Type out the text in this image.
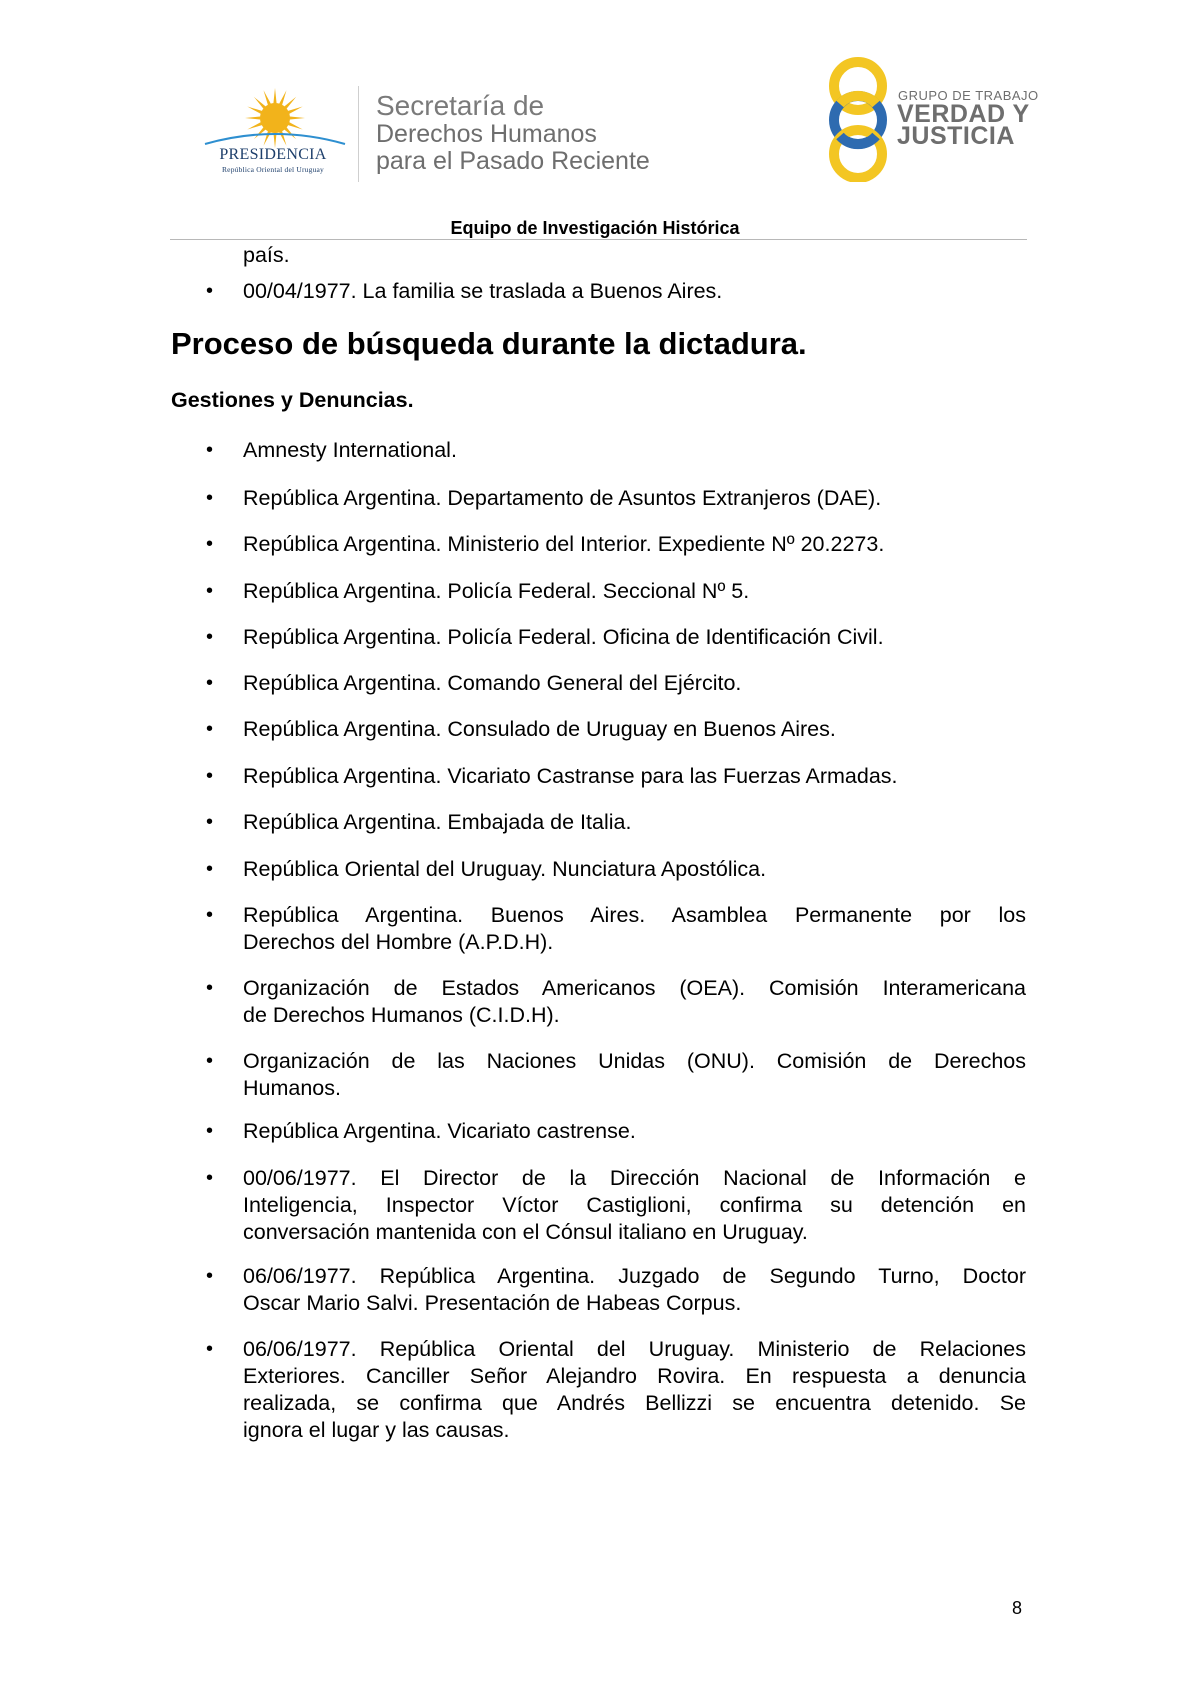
PRESIDENCIA
República Oriental del Uruguay
Secretaría de
Derechos Humanos
para el Pasado Reciente
GRUPO DE TRABAJO
VERDAD Y
JUSTICIA
Equipo de Investigación Histórica
país.
• 00/04/1977. La familia se traslada a Buenos Aires.
Proceso de búsqueda durante la dictadura.
Gestiones y Denuncias.
• Amnesty International.
• República Argentina. Departamento de Asuntos Extranjeros (DAE).
• República Argentina. Ministerio del Interior. Expediente Nº 20.2273.
• República Argentina. Policía Federal. Seccional Nº 5.
• República Argentina. Policía Federal. Oficina de Identificación Civil.
• República Argentina. Comando General del Ejército.
• República Argentina. Consulado de Uruguay en Buenos Aires.
• República Argentina. Vicariato Castranse para las Fuerzas Armadas.
• República Argentina. Embajada de Italia.
• República Oriental del Uruguay. Nunciatura Apostólica.
• República Argentina. Buenos Aires. Asamblea Permanente por los
Derechos del Hombre (A.P.D.H).
• Organización de Estados Americanos (OEA). Comisión Interamericana
de Derechos Humanos (C.I.D.H).
• Organización de las Naciones Unidas (ONU). Comisión de Derechos
Humanos.
• República Argentina. Vicariato castrense.
• 00/06/1977. El Director de la Dirección Nacional de Información e
Inteligencia, Inspector Víctor Castiglioni, confirma su detención en
conversación mantenida con el Cónsul italiano en Uruguay.
• 06/06/1977. República Argentina. Juzgado de Segundo Turno, Doctor
Oscar Mario Salvi. Presentación de Habeas Corpus.
• 06/06/1977. República Oriental del Uruguay. Ministerio de Relaciones
Exteriores. Canciller Señor Alejandro Rovira. En respuesta a denuncia
realizada, se confirma que Andrés Bellizzi se encuentra detenido. Se
ignora el lugar y las causas.
8
